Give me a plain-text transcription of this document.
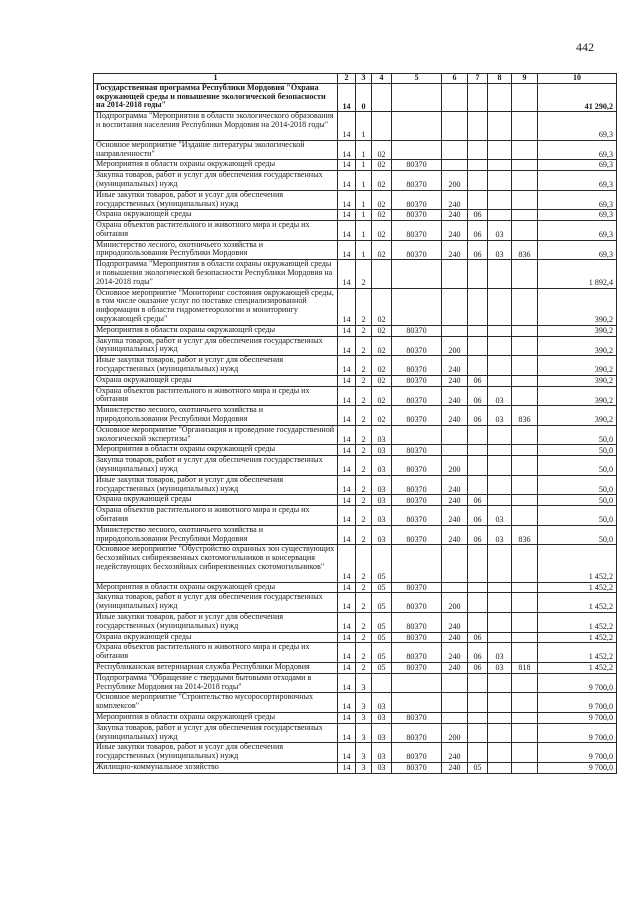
442
1	2	3	4	5	6	7	8	9	10
Государственная программа Республики Мордовия "Охрана окружающей среды и повышение экологической безопасности на 2014-2018 годы"	14	0							41 290,2
Подпрограмма "Мероприятия в области экологического образования и воспитания населения Республики Мордовия на 2014-2018 годы"	14	1							69,3
Основное мероприятие "Издание литературы экологической направленности"	14	1	02						69,3
Мероприятия в области охраны окружающей среды	14	1	02	80370					69,3
Закупка товаров, работ и услуг для обеспечения государственных (муниципальных) нужд	14	1	02	80370	200				69,3
Иные закупки товаров, работ и услуг для обеспечения государственных (муниципальных) нужд	14	1	02	80370	240				69,3
Охрана окружающей среды	14	1	02	80370	240	06			69,3
Охрана объектов растительного и животного мира и среды их обитания	14	1	02	80370	240	06	03		69,3
Министерство лесного, охотничьего хозяйства и природопользования Республики Мордовия	14	1	02	80370	240	06	03	836	69,3
Подпрограмма "Мероприятия в области охраны окружающей среды и повышения экологической безопасности Республики Мордовия на 2014-2018 годы"	14	2							1 892,4
Основное мероприятие "Мониторинг состояния окружающей среды, в том числе оказание услуг по поставке специализированной информации в области гидрометеорологии и мониторингу окружающей среды"	14	2	02						390,2
Мероприятия в области охраны окружающей среды	14	2	02	80370					390,2
Закупка товаров, работ и услуг для обеспечения государственных (муниципальных) нужд	14	2	02	80370	200				390,2
Иные закупки товаров, работ и услуг для обеспечения государственных (муниципальных) нужд	14	2	02	80370	240				390,2
Охрана окружающей среды	14	2	02	80370	240	06			390,2
Охрана объектов растительного и животного мира и среды их обитания	14	2	02	80370	240	06	03		390,2
Министерство лесного, охотничьего хозяйства и природопользования Республики Мордовия	14	2	02	80370	240	06	03	836	390,2
Основное мероприятие "Организация и проведение государственной экологической экспертизы"	14	2	03						50,0
Мероприятия в области охраны окружающей среды	14	2	03	80370					50,0
Закупка товаров, работ и услуг для обеспечения государственных (муниципальных) нужд	14	2	03	80370	200				50,0
Иные закупки товаров, работ и услуг для обеспечения государственных (муниципальных) нужд	14	2	03	80370	240				50,0
Охрана окружающей среды	14	2	03	80370	240	06			50,0
Охрана объектов растительного и животного мира и среды их обитания	14	2	03	80370	240	06	03		50,0
Министерство лесного, охотничьего хозяйства и природопользования Республики Мордовия	14	2	03	80370	240	06	03	836	50,0
Основное мероприятие "Обустройство охранных зон существующих бесхозяйных сибиреязвенных скотомогильников и консервация недействующих бесхозяйных сибиреязвенных скотомогильников"	14	2	05						1 452,2
Мероприятия в области охраны окружающей среды	14	2	05	80370					1 452,2
Закупка товаров, работ и услуг для обеспечения государственных (муниципальных) нужд	14	2	05	80370	200				1 452,2
Иные закупки товаров, работ и услуг для обеспечения государственных (муниципальных) нужд	14	2	05	80370	240				1 452,2
Охрана окружающей среды	14	2	05	80370	240	06			1 452,2
Охрана объектов растительного и животного мира и среды их обитания	14	2	05	80370	240	06	03		1 452,2
Республиканская ветеринарная служба Республики Мордовия	14	2	05	80370	240	06	03	818	1 452,2
Подпрограмма "Обращение с твердыми бытовыми отходами в Республике Мордовия на 2014-2018 годы"	14	3							9 700,0
Основное мероприятие "Строительство мусоросортировочных комплексов"	14	3	03						9 700,0
Мероприятия в области охраны окружающей среды	14	3	03	80370					9 700,0
Закупка товаров, работ и услуг для обеспечения государственных (муниципальных) нужд	14	3	03	80370	200				9 700,0
Иные закупки товаров, работ и услуг для обеспечения государственных (муниципальных) нужд	14	3	03	80370	240				9 700,0
Жилищно-коммунальное хозяйство	14	3	03	80370	240	05			9 700,0
